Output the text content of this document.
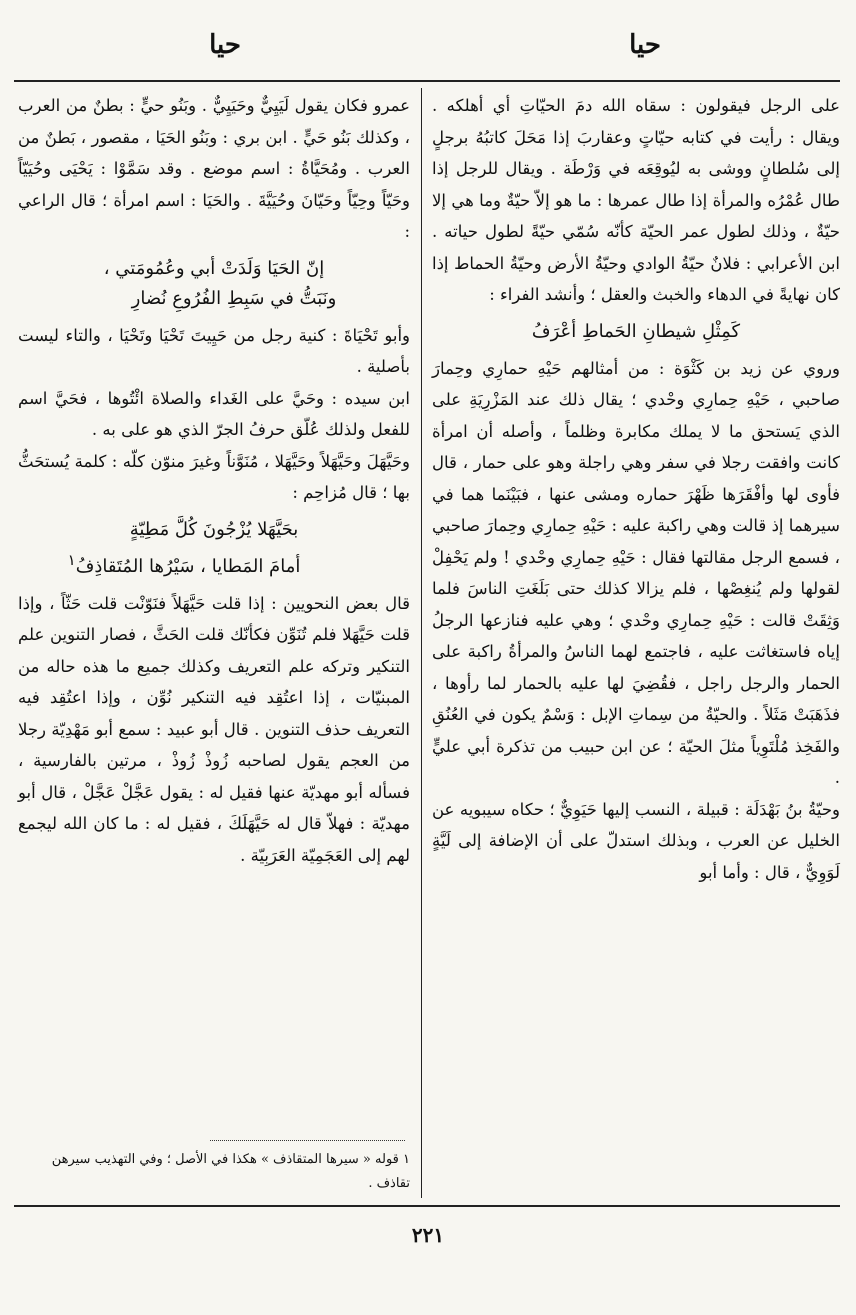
حيا
حيا

على الرجل فيقولون : سقاه الله دمَ الحيّاتِ أي أهلكه . ويقال : رأيت في كتابه حيّاتٍ وعقاربَ إذا مَحَلَ كاتبُهُ برجلٍ إلى سُلطانٍ ووشى به ليُوقِعَه في وَرْطَة . ويقال للرجل إذا طال عُمْرُه والمرأة إذا طال عمرها : ما هو إلاّ حيّةٌ وما هي إلا حيّةٌ ، وذلك لطول عمر الحيّة كأنّه سُمّي حيّةً لطول حياته . ابن الأعرابي : فلانٌ حيّةُ الوادي وحيّةُ الأرض وحيّةُ الحماط إذا كان نهايةً في الدهاء والخبث والعقل ؛ وأنشد الفراء :

كَمِثْلِ شيطانِ الحَماطِ أعْرَفُ

وروي عن زيد بن كَثْوَة : من أمثالهم حَيْهِ حمارِي وحِمارَ صاحبي ، حَيْهِ حِمارِي وحْدي ؛ يقال ذلك عند المَزْرِيَةِ على الذي يَستحق ما لا يملك مكابرة وظلماً ، وأصله أن امرأة كانت وافقت رجلا في سفر وهي راجلة وهو على حمار ، قال فأوى لها وأفْقَرَها ظَهْرَ حماره ومشى عنها ، فبَيْنَما هما في سيرهما إذ قالت وهي راكبة عليه : حَيْهِ حِمارِي وحِمارَ صاحبي ، فسمع الرجل مقالتها فقال : حَيْهِ حِمارِي وحْدي ! ولم يَحْفِلْ لقولها ولم يُنغِصْها ، فلم يزالا كذلك حتى بَلَغَتِ الناسَ فلما وَثِقَتْ قالت : حَيْهِ حِمارِي وحْدي ؛ وهي عليه فنازعها الرجلُ إياه فاستغاثت عليه ، فاجتمع لهما الناسُ والمرأةُ راكبة على الحمار والرجل راجل ، فقُضِيَ لها عليه بالحمار لما رأوها ، فذَهَبَتْ مَثَلاً . والحيّةُ من سِماتِ الإبل : وَسْمٌ يكون في العُنُقِ والفَخِذ مُلْتَوِياً مثلَ الحيّة ؛ عن ابن حبيب من تذكرة أبي عليٍّ .

وحيّةُ بنُ بَهْدَلَة : قبيلة ، النسب إليها حَيَوِيٌّ ؛ حكاه سيبويه عن الخليل عن العرب ، وبذلك استدلّ على أن الإضافة إلى لَيَّةٍ لَوَوِيٌّ ، قال : وأما أبو

عمرو فكان يقول لَيَيِيٌّ وحَيَيِيٌّ . وبَنُو حيٍّ : بطنٌ من العرب ، وكذلك بَنُو حَيٍّ . ابن بري : وبَنُو الحَيَا ، مقصور ، بَطنٌ من العرب . ومُحَيَّاةُ : اسم موضع . وقد سَمَّوْا : يَحْيَى وحُيَيّاً وحَيّاً وحِيّاً وحَيّانَ وحُيَيَّةَ . والحَيَا : اسم امرأة ؛ قال الراعي :

إنّ الحَيَا وَلَدَتْ أبي وعُمُومَتي ،
ونَبَتُّ في سَبِطِ الفُرُوعِ نُضارِ

وأبو تَحْيَاةَ : كنية رجل من حَيِيتَ تَحْيَا وتَحْيَا ، والتاء ليست بأصلية .

ابن سيده : وحَيَّ على الغَداء والصلاة ائْتُوها ، فحَيَّ اسم للفعل ولذلك عُلّق حرفُ الجرّ الذي هو على به .

وحَيَّهَلَ وحَيَّهَلاً وحَيَّهَلا ، مُنَوَّناً وغيرَ منوّن كلّه : كلمة يُستحَثُّ بها ؛ قال مُزاحِم :

بحَيَّهَلا يُزْجُونَ كُلَّ مَطِيّةٍ
أمامَ المَطايا ، سَيْرُها المُتَقاذِفُ$^١$

قال بعض النحويين : إذا قلت حَيَّهَلاً فنَوّنْت قلت حَثّاً ، وإذا قلت حَيَّهَلا فلم تُنَوِّن فكأنّك قلت الحَثَّ ، فصار التنوين علم التنكير وتركه علم التعريف وكذلك جميع ما هذه حاله من المبنيّات ، إذا اعتُقِد فيه التنكير نُوِّن ، وإذا اعتُقِد فيه التعريف حذف التنوين . قال أبو عبيد : سمع أبو مَهْدِيّة رجلا من العجم يقول لصاحبه زُوذْ زُوذْ ، مرتين بالفارسية ، فسأله أبو مهديّة عنها فقيل له : يقول عَجَّلْ عَجَّلْ ، قال أبو مهديّة : فهلاّ قال له حَيَّهَلَكَ ، فقيل له : ما كان الله ليجمع لهم إلى العَجَمِيّة العَرَبِيّة .

١ قوله « سيرها المتقاذف » هكذا في الأصل ؛ وفي التهذيب سيرهن تقاذف .
٢٢١
